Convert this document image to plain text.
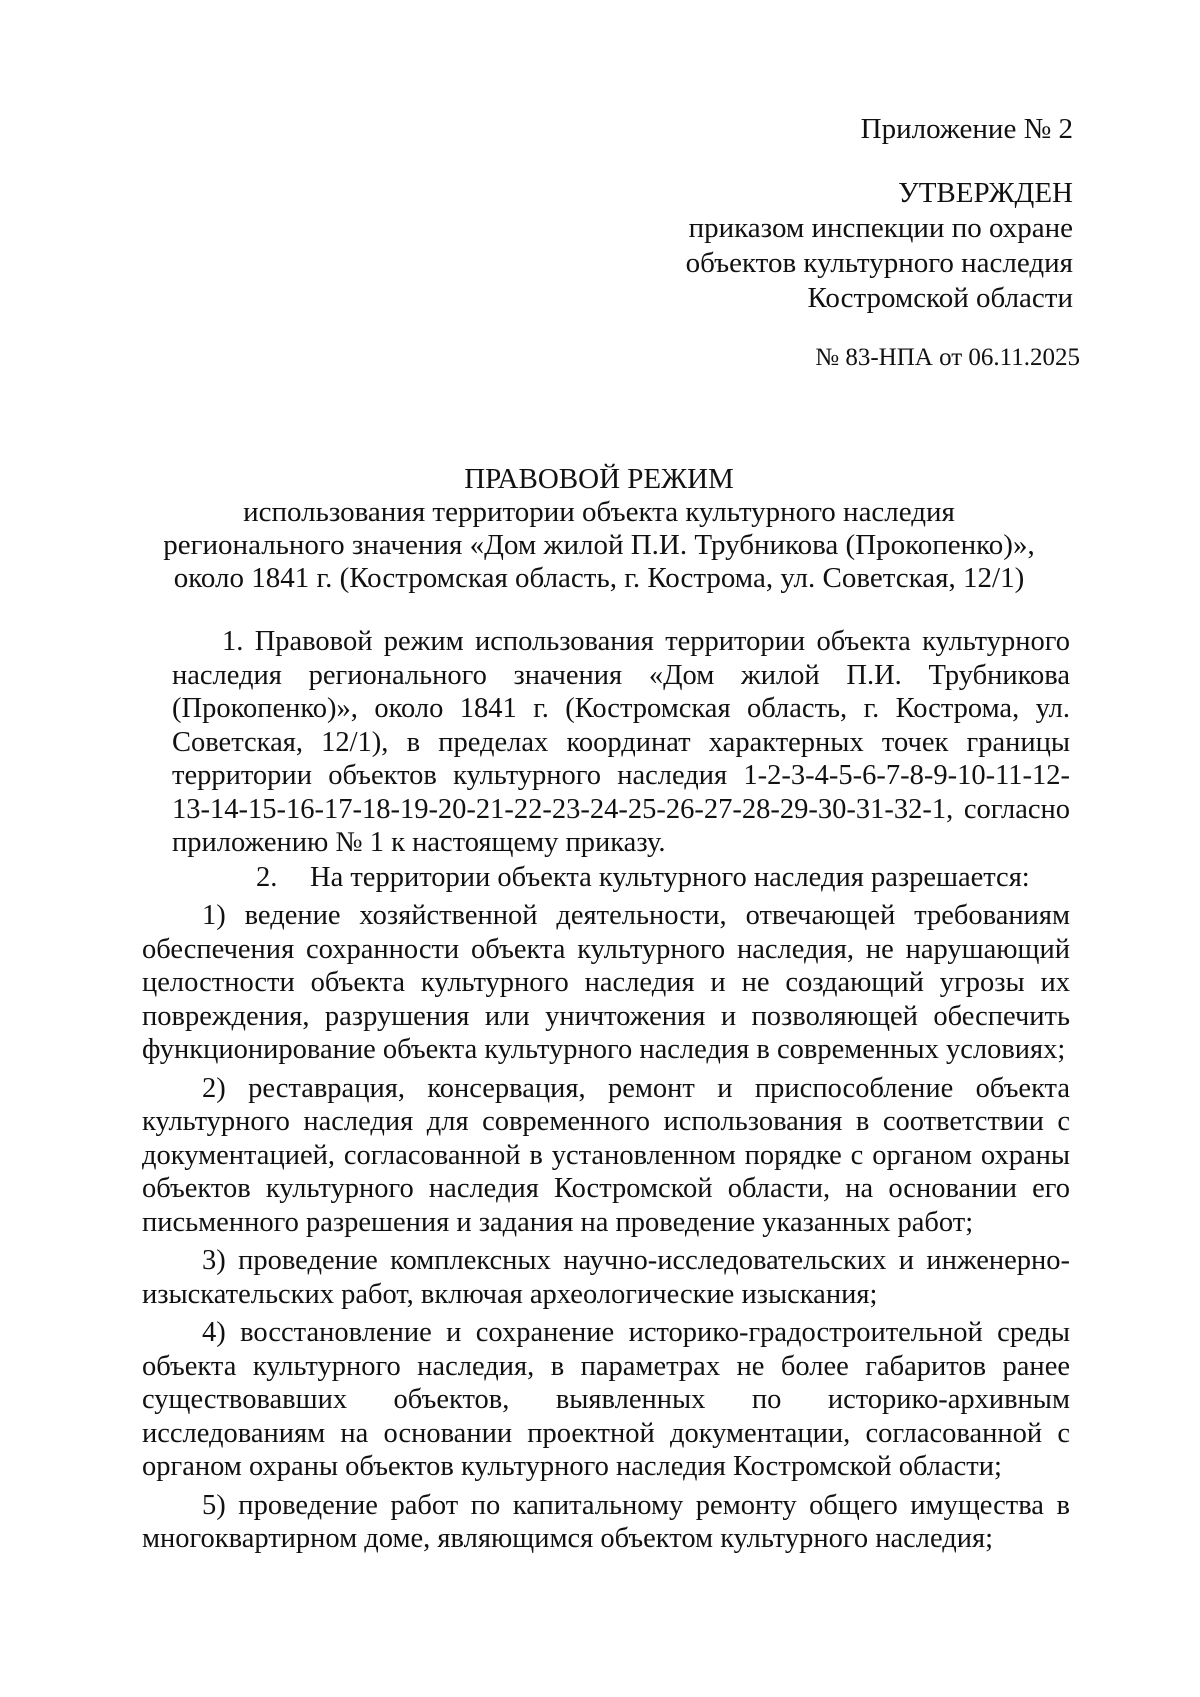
Приложение № 2
УТВЕРЖДЕН
приказом инспекции по охране
объектов культурного наследия
Костромской области
№ 83-НПА от 06.11.2025
ПРАВОВОЙ РЕЖИМ
использования территории объекта культурного наследия
регионального значения «Дом жилой П.И. Трубникова (Прокопенко)»,
около 1841 г. (Костромская область, г. Кострома, ул. Советская, 12/1)

1. Правовой режим использования территории объекта культурного наследия регионального значения «Дом жилой П.И. Трубникова (Прокопенко)», около 1841 г. (Костромская область, г. Кострома, ул. Советская, 12/1), в пределах координат характерных точек границы территории объектов культурного наследия 1-2-3-4-5-6-7-8-9-10-11-12-13-14-15-16-17-18-19-20-21-22-23-24-25-26-27-28-29-30-31-32-1, согласно приложению № 1 к настоящему приказу.

2. На территории объекта культурного наследия разрешается:

1) ведение хозяйственной деятельности, отвечающей требованиям обеспечения сохранности объекта культурного наследия, не нарушающий целостности объекта культурного наследия и не создающий угрозы их повреждения, разрушения или уничтожения и позволяющей обеспечить функционирование объекта культурного наследия в современных условиях;

2) реставрация, консервация, ремонт и приспособление объекта культурного наследия для современного использования в соответствии с документацией, согласованной в установленном порядке с органом охраны объектов культурного наследия Костромской области, на основании его письменного разрешения и задания на проведение указанных работ;

3) проведение комплексных научно-исследовательских и инженерно-изыскательских работ, включая археологические изыскания;

4) восстановление и сохранение историко-градостроительной среды объекта культурного наследия, в параметрах не более габаритов ранее существовавших объектов, выявленных по историко-архивным исследованиям на основании проектной документации, согласованной с органом охраны объектов культурного наследия Костромской области;

5) проведение работ по капитальному ремонту общего имущества в многоквартирном доме, являющимся объектом культурного наследия;
